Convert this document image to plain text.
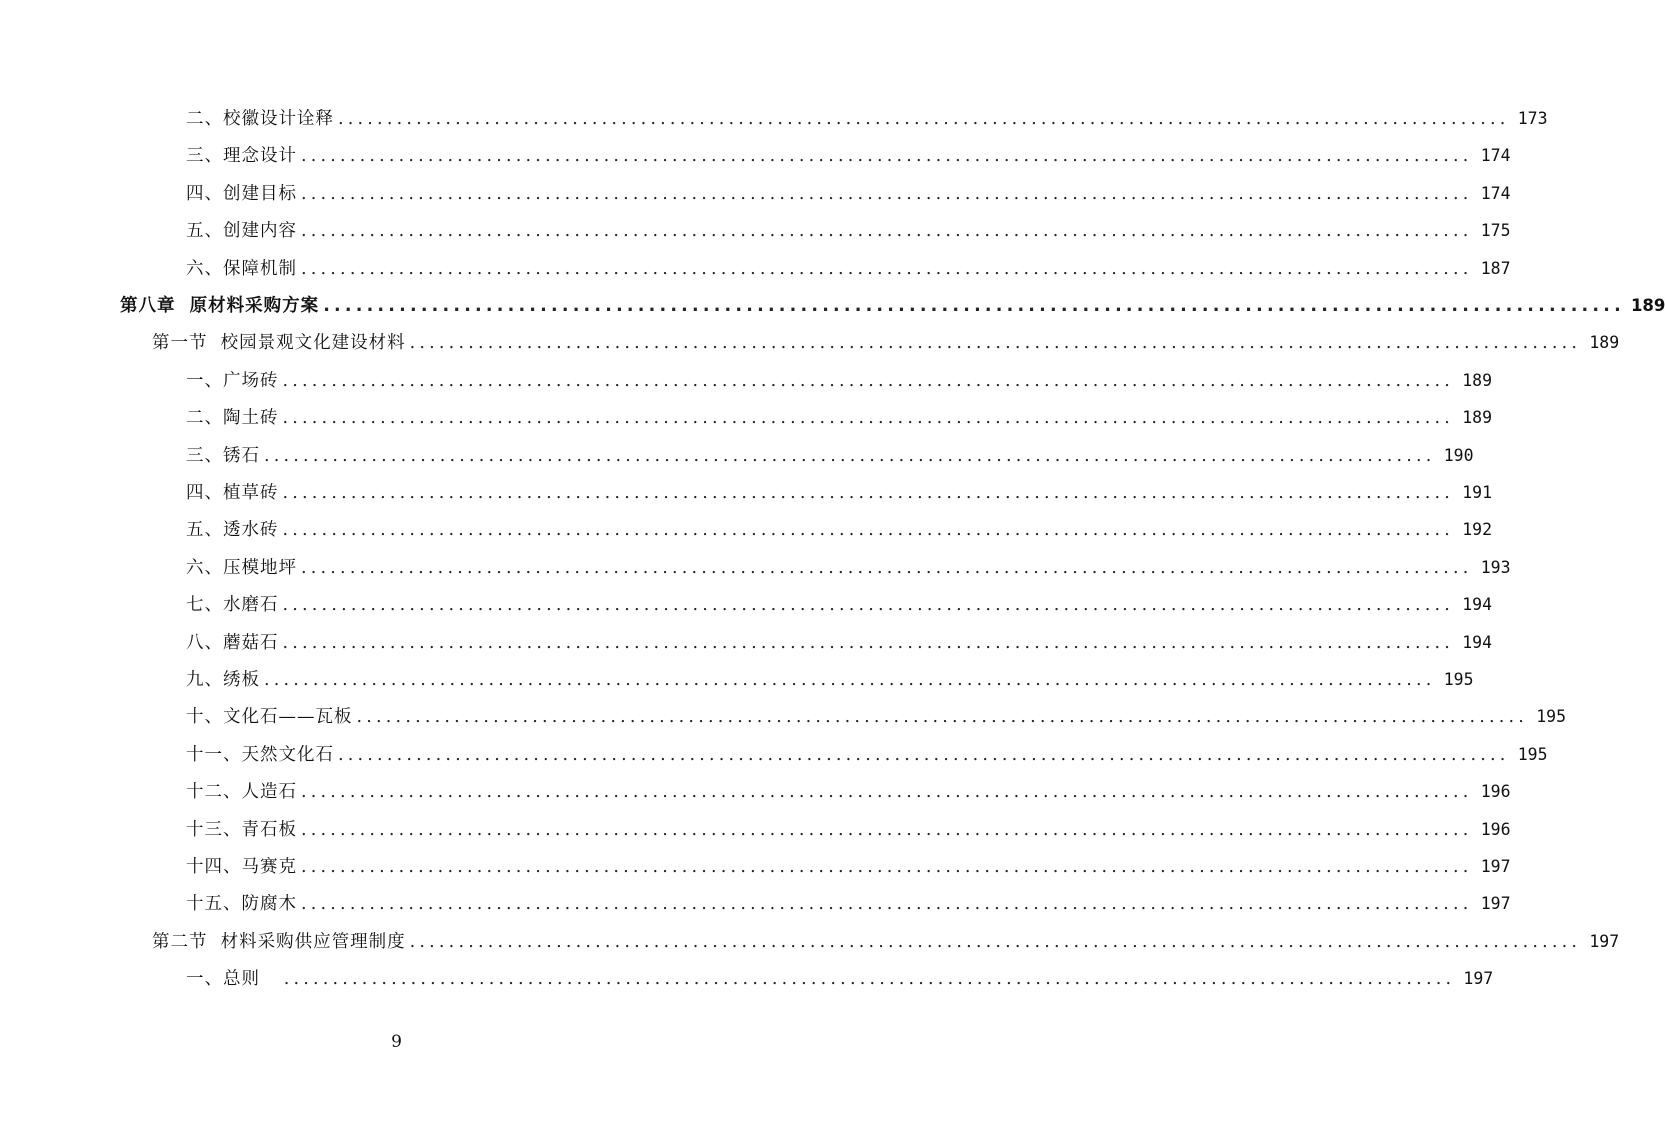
二、校徽设计诠释 ........................................................................................................................ 173
三、理念设计 ........................................................................................................................ 174
四、创建目标 ........................................................................................................................ 174
五、创建内容 ........................................................................................................................ 175
六、保障机制 ........................................................................................................................ 187
第八章  原材料采购方案 ........................................................................................................................ 189
第一节  校园景观文化建设材料 ........................................................................................................................ 189
一、广场砖 ........................................................................................................................ 189
二、陶土砖 ........................................................................................................................ 189
三、锈石 ........................................................................................................................ 190
四、植草砖 ........................................................................................................................ 191
五、透水砖 ........................................................................................................................ 192
六、压模地坪 ........................................................................................................................ 193
七、水磨石 ........................................................................................................................ 194
八、蘑菇石 ........................................................................................................................ 194
九、绣板 ........................................................................................................................ 195
十、文化石——瓦板 ........................................................................................................................ 195
十一、天然文化石 ........................................................................................................................ 195
十二、人造石 ........................................................................................................................ 196
十三、青石板 ........................................................................................................................ 196
十四、马赛克 ........................................................................................................................ 197
十五、防腐木 ........................................................................................................................ 197
第二节  材料采购供应管理制度 ........................................................................................................................ 197
一、总则 ........................................................................................................................ 197
9
